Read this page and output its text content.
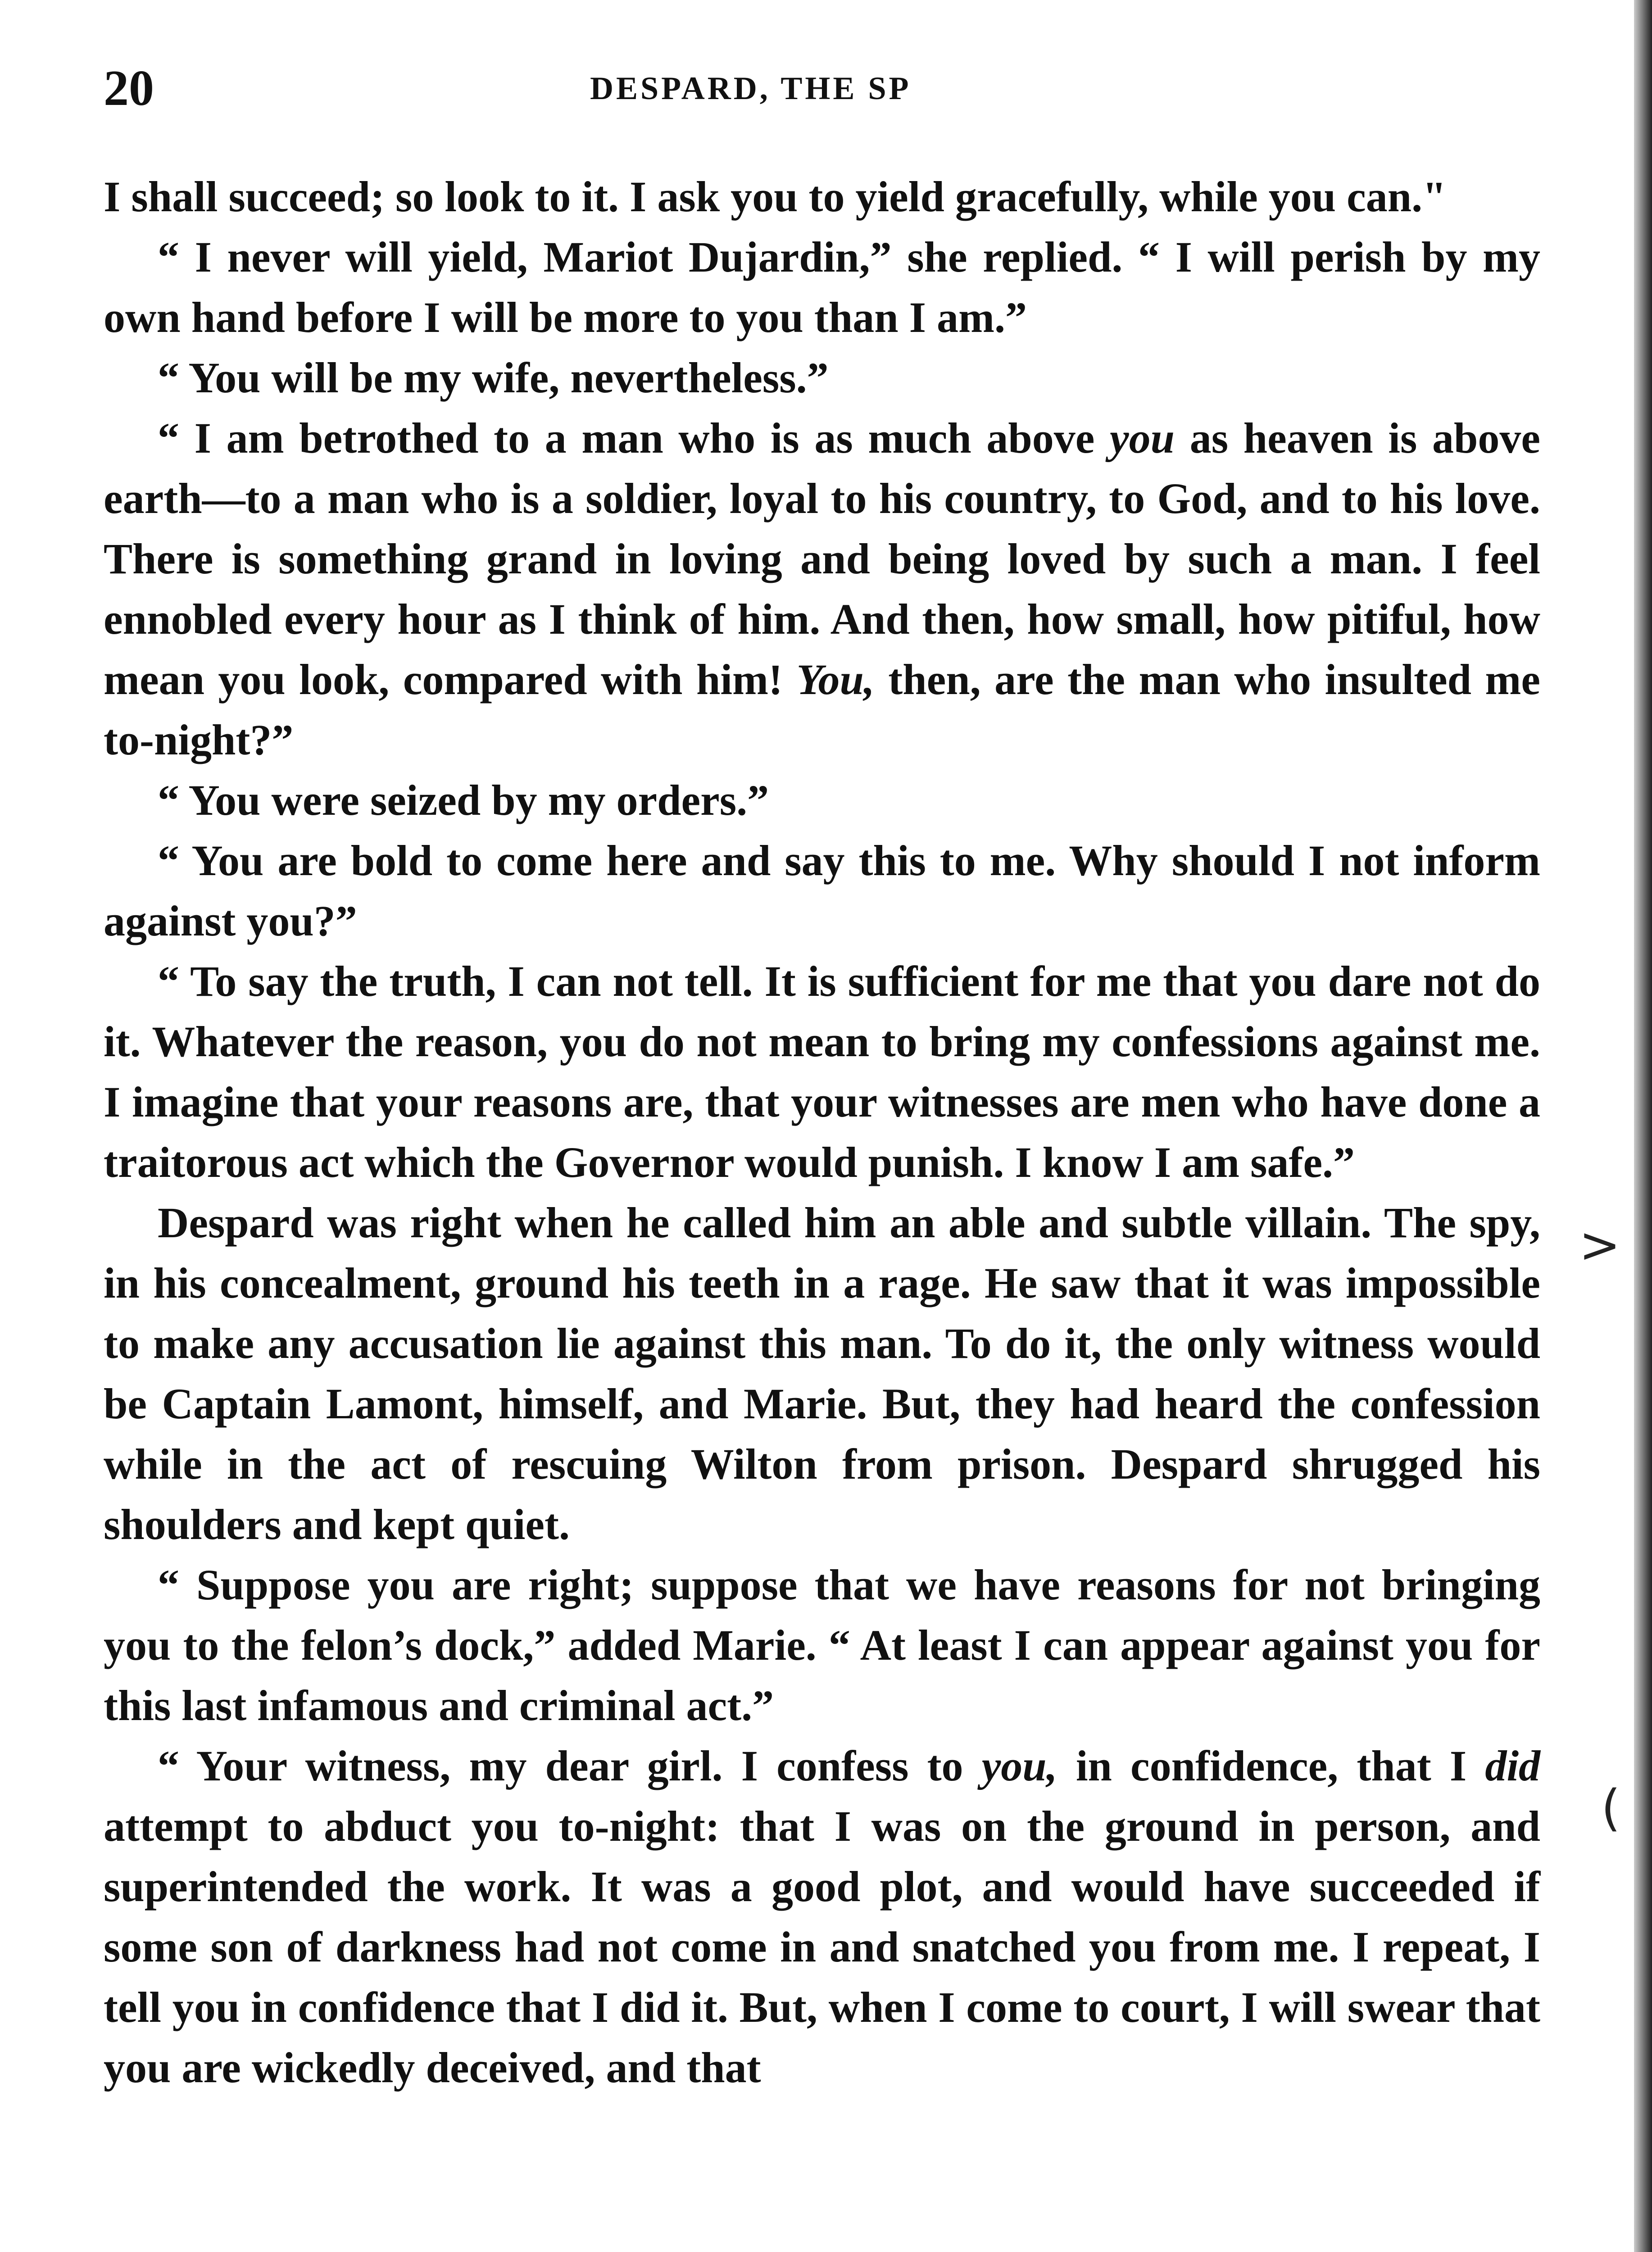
20	DESPARD, THE SP

I shall succeed; so look to it. I ask you to yield gracefully, while you can."

“ I never will yield, Mariot Dujardin,” she replied. “ I will perish by my own hand before I will be more to you than I am.”

“ You will be my wife, nevertheless.”

“ I am betrothed to a man who is as much above you as heaven is above earth—to a man who is a soldier, loyal to his country, to God, and to his love. There is something grand in loving and being loved by such a man. I feel ennobled every hour as I think of him. And then, how small, how pitiful, how mean you look, compared with him! You, then, are the man who insulted me to-night?”

“ You were seized by my orders.”

“ You are bold to come here and say this to me. Why should I not inform against you?”

“ To say the truth, I can not tell. It is sufficient for me that you dare not do it. Whatever the reason, you do not mean to bring my confessions against me. I imagine that your reasons are, that your witnesses are men who have done a traitorous act which the Governor would punish. I know I am safe.”

Despard was right when he called him an able and subtle villain. The spy, in his concealment, ground his teeth in a rage. He saw that it was impossible to make any accusation lie against this man. To do it, the only witness would be Captain Lamont, himself, and Marie. But, they had heard the confession while in the act of rescuing Wilton from prison. Despard shrugged his shoulders and kept quiet.

“ Suppose you are right; suppose that we have reasons for not bringing you to the felon’s dock,” added Marie. “ At least I can appear against you for this last infamous and criminal act.”

“ Your witness, my dear girl. I confess to you, in confidence, that I did attempt to abduct you to-night: that I was on the ground in person, and superintended the work. It was a good plot, and would have succeeded if some son of darkness had not come in and snatched you from me. I repeat, I tell you in confidence that I did it. But, when I come to court, I will swear that you are wickedly deceived, and that

>
(
